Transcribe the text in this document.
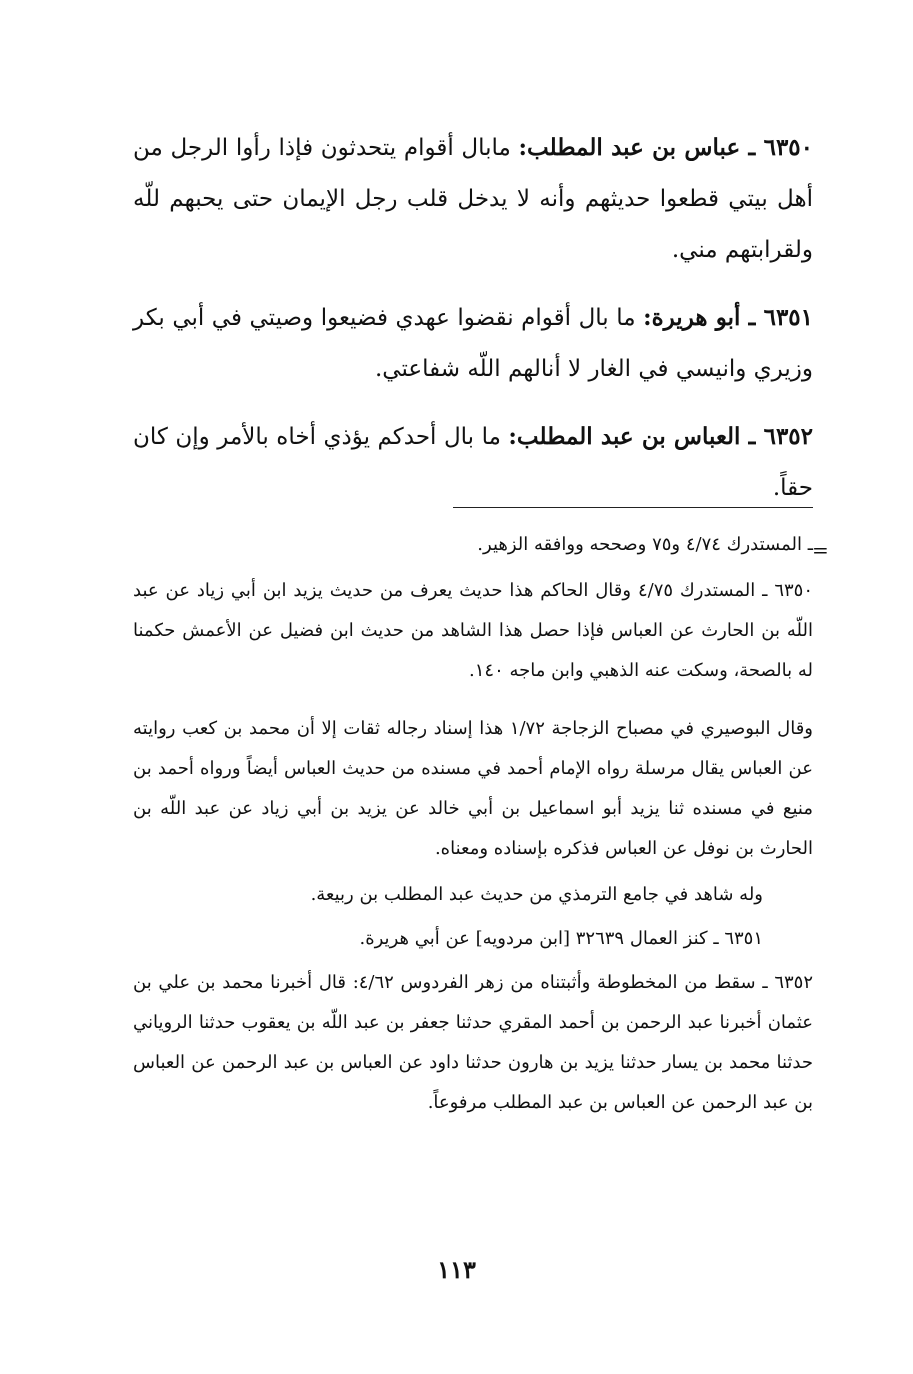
٦٣٥٠ ـ عباس بن عبد المطلب: مابال أقوام يتحدثون فإذا رأوا الرجل من أهل بيتي قطعوا حديثهم وأنه لا يدخل قلب رجل الإيمان حتى يحبهم للّه ولقرابتهم مني.

٦٣٥١ ـ أبو هريرة: ما بال أقوام نقضوا عهدي فضيعوا وصيتي في أبي بكر وزيري وانيسي في الغار لا أنالهم اللّه شفاعتي.

٦٣٥٢ ـ العباس بن عبد المطلب: ما بال أحدكم يؤذي أخاه بالأمر وإن كان حقاً.

=

ـ المستدرك ٤/٧٤ و٧٥ وصححه ووافقه الزهير.

٦٣٥٠ ـ المستدرك ٤/٧٥ وقال الحاكم هذا حديث يعرف من حديث يزيد ابن أبي زياد عن عبد اللّه بن الحارث عن العباس فإذا حصل هذا الشاهد من حديث ابن فضيل عن الأعمش حكمنا له بالصحة، وسكت عنه الذهبي وابن ماجه ١٤٠.

وقال البوصيري في مصباح الزجاجة ١/٧٢ هذا إسناد رجاله ثقات إلا أن محمد بن كعب روايته عن العباس يقال مرسلة رواه الإمام أحمد في مسنده من حديث العباس أيضاً ورواه أحمد بن منيع في مسنده ثنا يزيد أبو اسماعيل بن أبي خالد عن يزيد بن أبي زياد عن عبد اللّه بن الحارث بن نوفل عن العباس فذكره بإسناده ومعناه.

وله شاهد في جامع الترمذي من حديث عبد المطلب بن ربيعة.

٦٣٥١ ـ كنز العمال ٣٢٦٣٩ [ابن مردويه] عن أبي هريرة.

٦٣٥٢ ـ سقط من المخطوطة وأثبتناه من زهر الفردوس ٤/٦٢: قال أخبرنا محمد بن علي بن عثمان أخبرنا عبد الرحمن بن أحمد المقري حدثنا جعفر بن عبد اللّه بن يعقوب حدثنا الروياني حدثنا محمد بن يسار حدثنا يزيد بن هارون حدثنا داود عن العباس بن عبد الرحمن عن العباس بن عبد الرحمن عن العباس بن عبد المطلب مرفوعاً.

١١٣
